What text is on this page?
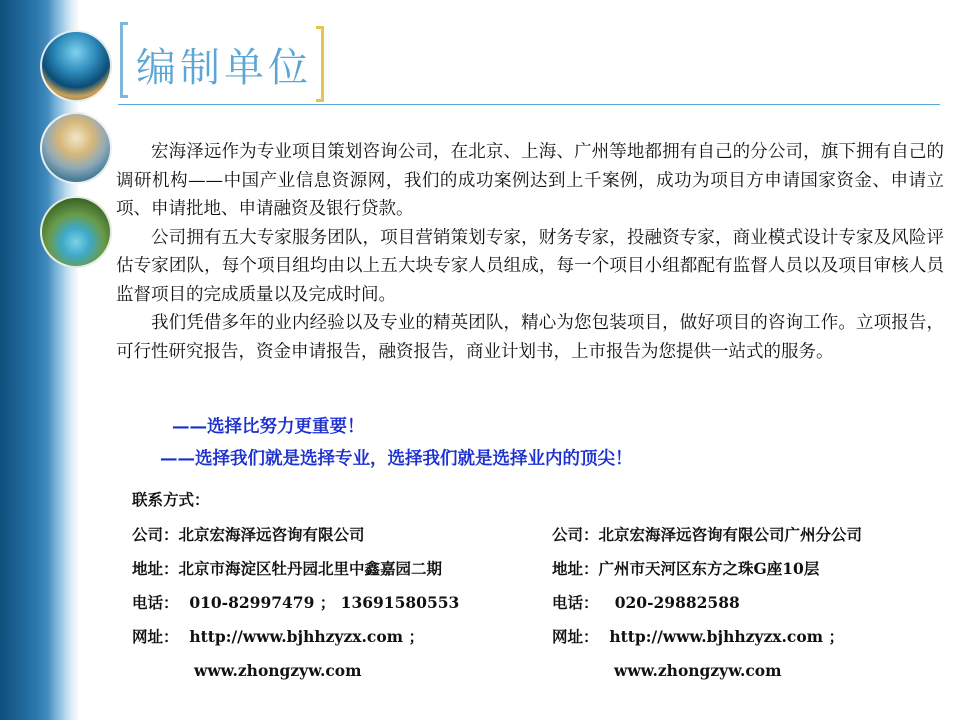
编制单位

宏海泽远作为专业项目策划咨询公司，在北京、上海、广州等地都拥有自己的分公司，旗下拥有自己的调研机构——中国产业信息资源网，我们的成功案例达到上千案例，成功为项目方申请国家资金、申请立项、申请批地、申请融资及银行贷款。

公司拥有五大专家服务团队，项目营销策划专家，财务专家，投融资专家，商业模式设计专家及风险评估专家团队，每个项目组均由以上五大块专家人员组成，每一个项目小组都配有监督人员以及项目审核人员监督项目的完成质量以及完成时间。

我们凭借多年的业内经验以及专业的精英团队，精心为您包装项目，做好项目的咨询工作。立项报告，可行性研究报告，资金申请报告，融资报告，商业计划书，上市报告为您提供一站式的服务。

——选择比努力更重要！
——选择我们就是选择专业，选择我们就是选择业内的顶尖！
联系方式：
公司：北京宏海泽远咨询有限公司
地址：北京市海淀区牡丹园北里中鑫嘉园二期
电话： 010-82997479 ； 13691580553
网址： http://www.bjhhzyzx.com ；
www.zhongzyw.com
公司：北京宏海泽远咨询有限公司广州分公司
地址：广州市天河区东方之珠G座10层
电话： 020-29882588
网址： http://www.bjhhzyzx.com ；
www.zhongzyw.com
